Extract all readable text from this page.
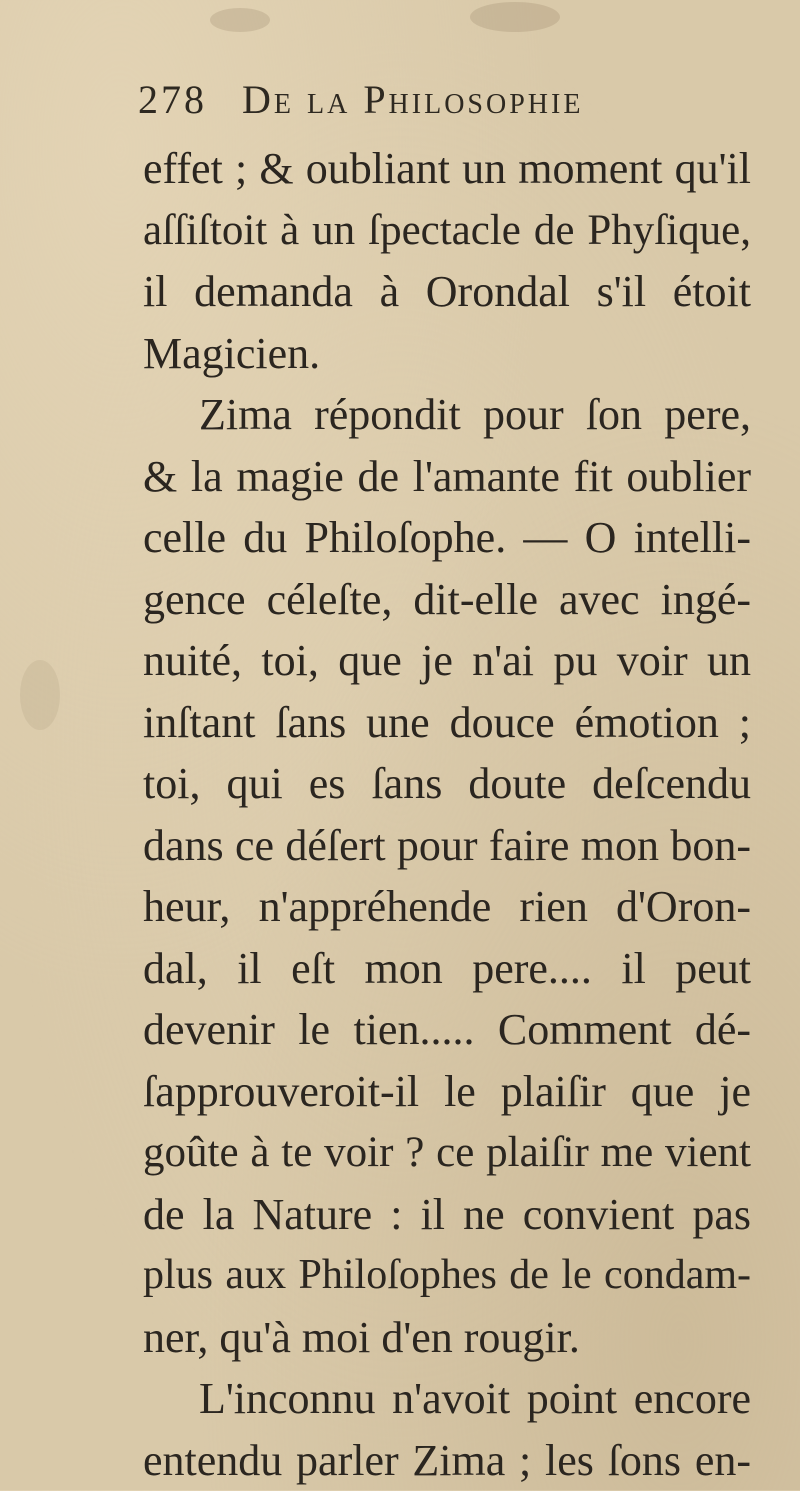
278 De la Philosophie
effet ; & oubliant un moment qu'il
aſſiſtoit à un ſpectacle de Phyſique,
il demanda à Orondal s'il étoit
Magicien.
Zima répondit pour ſon pere,
& la magie de l'amante fit oublier
celle du Philoſophe. — O intelli-
gence céleſte, dit-elle avec ingé-
nuité, toi, que je n'ai pu voir un
inſtant ſans une douce émotion ;
toi, qui es ſans doute deſcendu
dans ce déſert pour faire mon bon-
heur, n'appréhende rien d'Oron-
dal, il eſt mon pere.... il peut
devenir le tien..... Comment dé-
ſapprouveroit-il le plaiſir que je
goûte à te voir ? ce plaiſir me vient
de la Nature : il ne convient pas
plus aux Philoſophes de le condam-
ner, qu'à moi d'en rougir.
L'inconnu n'avoit point encore
entendu parler Zima ; les ſons en-
